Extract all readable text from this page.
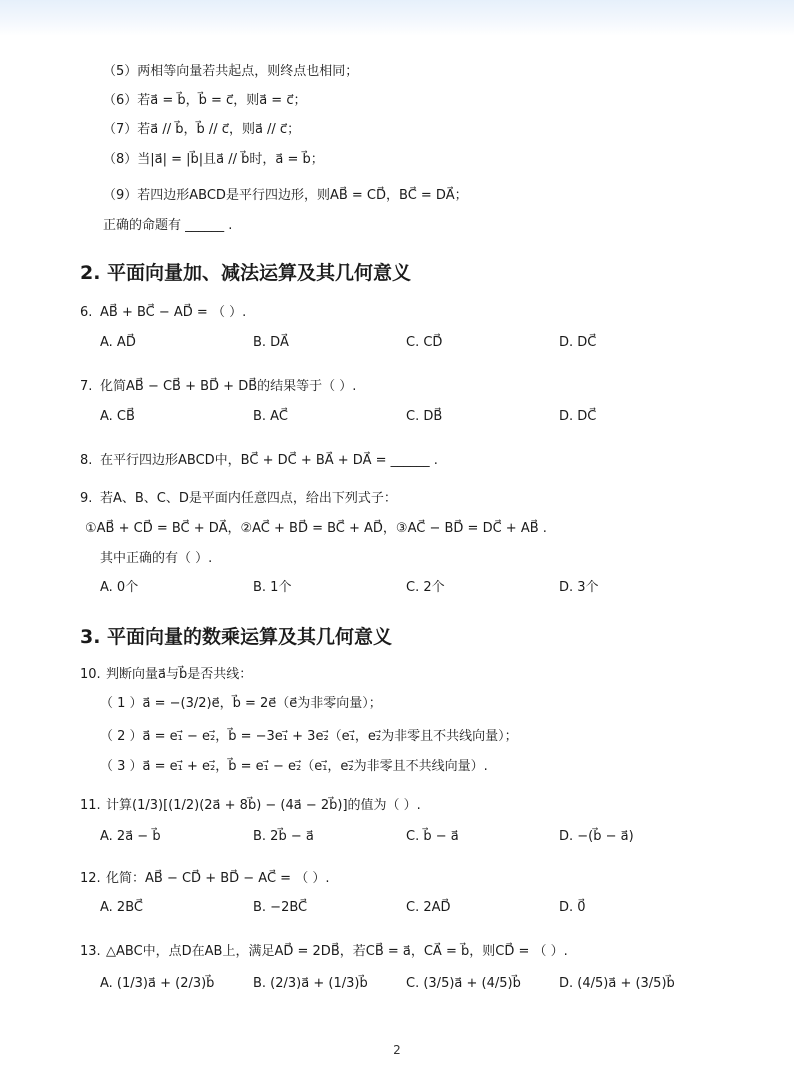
（5）两相等向量若共起点，则终点也相同；
（6）若a⃗ = b⃗，b⃗ = c⃗，则a⃗ = c⃗；
（7）若a⃗ // b⃗，b⃗ // c⃗，则a⃗ // c⃗；
（8）当|a⃗| = |b⃗|且a⃗ // b⃗时，a⃗ = b⃗；
（9）若四边形ABCD是平行四边形，则AB⃗ = CD⃗，BC⃗ = DA⃗；
正确的命题有 ______ .
2. 平面向量加、减法运算及其几何意义
6. AB⃗ + BC⃗ − AD⃗ = （ ）.
A. AD⃗	B. DA⃗	C. CD⃗	D. DC⃗
7. 化简AB⃗ − CB⃗ + BD⃗ + DB⃗的结果等于（ ）.
A. CB⃗	B. AC⃗	C. DB⃗	D. DC⃗
8. 在平行四边形ABCD中，BC⃗ + DC⃗ + BA⃗ + DA⃗ = ______ .
9. 若A、B、C、D是平面内任意四点，给出下列式子：
①AB⃗ + CD⃗ = BC⃗ + DA⃗，②AC⃗ + BD⃗ = BC⃗ + AD⃗，③AC⃗ − BD⃗ = DC⃗ + AB⃗ .
其中正确的有（ ）.
A. 0个	B. 1个	C. 2个	D. 3个
3. 平面向量的数乘运算及其几何意义
10. 判断向量a⃗与b⃗是否共线：
（ 1 ）a⃗ = −(3/2)e⃗，b⃗ = 2e⃗（e⃗为非零向量）；
（ 2 ）a⃗ = e₁⃗ − e₂⃗，b⃗ = −3e₁⃗ + 3e₂⃗（e₁⃗，e₂⃗为非零且不共线向量）；
（ 3 ）a⃗ = e₁⃗ + e₂⃗，b⃗ = e₁⃗ − e₂⃗（e₁⃗，e₂⃗为非零且不共线向量）.
11. 计算(1/3)[(1/2)(2a⃗ + 8b⃗) − (4a⃗ − 2b⃗)]的值为（ ）.
A. 2a⃗ − b⃗	B. 2b⃗ − a⃗	C. b⃗ − a⃗	D. −(b⃗ − a⃗)
12. 化简：AB⃗ − CD⃗ + BD⃗ − AC⃗ = （ ）.
A. 2BC⃗	B. −2BC⃗	C. 2AD⃗	D. 0⃗
13. △ABC中，点D在AB上，满足AD⃗ = 2DB⃗，若CB⃗ = a⃗，CA⃗ = b⃗，则CD⃗ = （ ）.
A. (1/3)a⃗ + (2/3)b⃗	B. (2/3)a⃗ + (1/3)b⃗	C. (3/5)a⃗ + (4/5)b⃗	D. (4/5)a⃗ + (3/5)b⃗
2
